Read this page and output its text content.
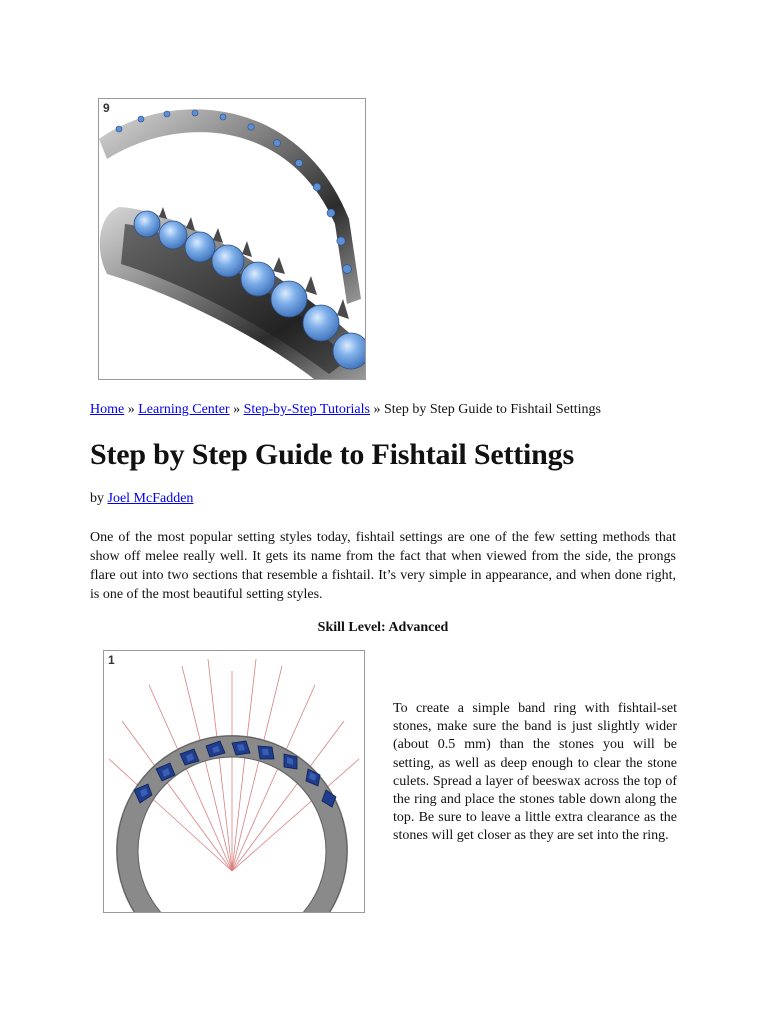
9
Home » Learning Center » Step-by-Step Tutorials » Step by Step Guide to Fishtail Settings
Step by Step Guide to Fishtail Settings
by Joel McFadden

One of the most popular setting styles today, fishtail settings are one of the few setting methods that show off melee really well. It gets its name from the fact that when viewed from the side, the prongs flare out into two sections that resemble a fishtail. It’s very simple in appearance, and when done right, is one of the most beautiful setting styles.

Skill Level: Advanced
1

To create a simple band ring with fishtail-set stones, make sure the band is just slightly wider (about 0.5 mm) than the stones you will be setting, as well as deep enough to clear the stone culets. Spread a layer of beeswax across the top of the ring and place the stones table down along the top. Be sure to leave a little extra clearance as the stones will get closer as they are set into the ring.
